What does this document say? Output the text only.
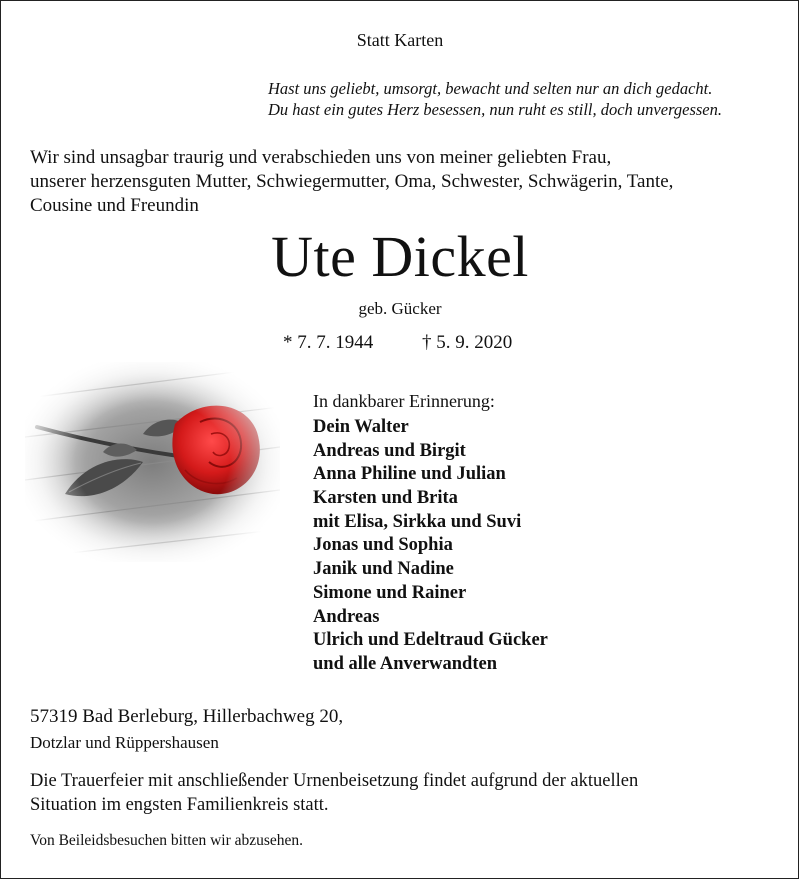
Statt Karten
Hast uns geliebt, umsorgt, bewacht und selten nur an dich gedacht.
Du hast ein gutes Herz besessen, nun ruht es still, doch unvergessen.
Wir sind unsagbar traurig und verabschieden uns von meiner geliebten Frau,
unserer herzensguten Mutter, Schwiegermutter, Oma, Schwester, Schwägerin, Tante,
Cousine und Freundin
Ute Dickel
geb. Gücker
* 7. 7. 1944	† 5. 9. 2020
In dankbarer Erinnerung:
Dein Walter
Andreas und Birgit
Anna Philine und Julian
Karsten und Brita
mit Elisa, Sirkka und Suvi
Jonas und Sophia
Janik und Nadine
Simone und Rainer
Andreas
Ulrich und Edeltraud Gücker
und alle Anverwandten
57319 Bad Berleburg, Hillerbachweg 20,
Dotzlar und Rüppershausen
Die Trauerfeier mit anschließender Urnenbeisetzung findet aufgrund der aktuellen
Situation im engsten Familienkreis statt.
Von Beileidsbesuchen bitten wir abzusehen.
